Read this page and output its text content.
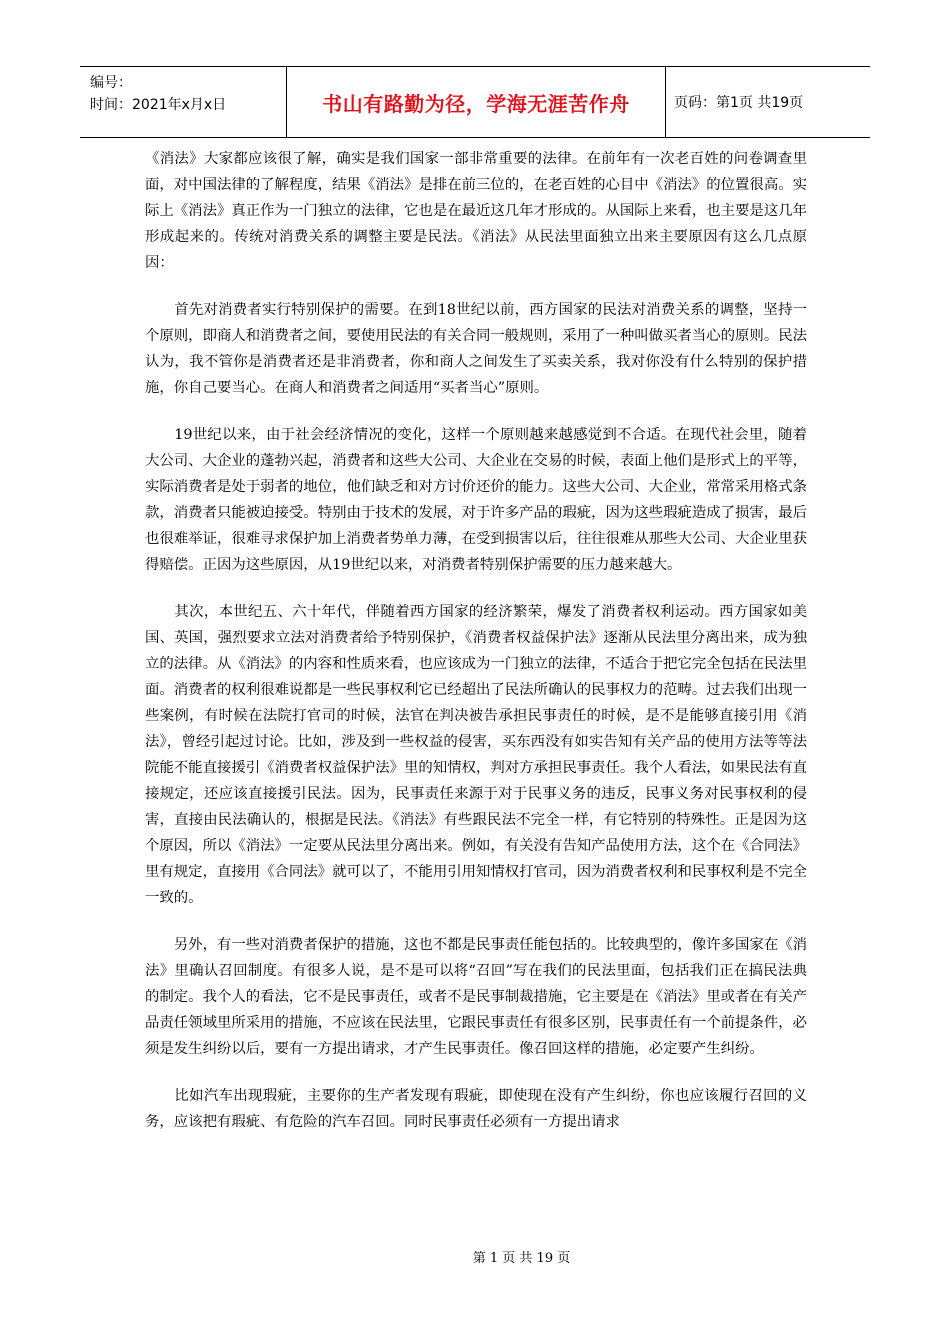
编号：
时间：2021年x月x日	书山有路勤为径，学海无涯苦作舟	页码：第1页 共19页

《消法》大家都应该很了解，确实是我们国家一部非常重要的法律。在前年有一次老百姓的问卷调查里面，对中国法律的了解程度，结果《消法》是排在前三位的，在老百姓的心目中《消法》的位置很高。实际上《消法》真正作为一门独立的法律，它也是在最近这几年才形成的。从国际上来看，也主要是这几年形成起来的。传统对消费关系的调整主要是民法。《消法》从民法里面独立出来主要原因有这么几点原因：

　　首先对消费者实行特别保护的需要。在到18世纪以前，西方国家的民法对消费关系的调整，坚持一个原则，即商人和消费者之间，要使用民法的有关合同一般规则，采用了一种叫做买者当心的原则。民法认为，我不管你是消费者还是非消费者，你和商人之间发生了买卖关系，我对你没有什么特别的保护措施，你自己要当心。在商人和消费者之间适用“买者当心”原则。

　　19世纪以来，由于社会经济情况的变化，这样一个原则越来越感觉到不合适。在现代社会里，随着大公司、大企业的蓬勃兴起，消费者和这些大公司、大企业在交易的时候，表面上他们是形式上的平等，实际消费者是处于弱者的地位，他们缺乏和对方讨价还价的能力。这些大公司、大企业，常常采用格式条款，消费者只能被迫接受。特别由于技术的发展，对于许多产品的瑕疵，因为这些瑕疵造成了损害，最后也很难举证，很难寻求保护加上消费者势单力薄，在受到损害以后，往往很难从那些大公司、大企业里获得赔偿。正因为这些原因，从19世纪以来，对消费者特别保护需要的压力越来越大。

　　其次，本世纪五、六十年代，伴随着西方国家的经济繁荣，爆发了消费者权利运动。西方国家如美国、英国，强烈要求立法对消费者给予特别保护，《消费者权益保护法》逐渐从民法里分离出来，成为独立的法律。从《消法》的内容和性质来看，也应该成为一门独立的法律，不适合于把它完全包括在民法里面。消费者的权利很难说都是一些民事权利它已经超出了民法所确认的民事权力的范畴。过去我们出现一些案例，有时候在法院打官司的时候，法官在判决被告承担民事责任的时候，是不是能够直接引用《消法》，曾经引起过讨论。比如，涉及到一些权益的侵害，买东西没有如实告知有关产品的使用方法等等法院能不能直接援引《消费者权益保护法》里的知情权，判对方承担民事责任。我个人看法，如果民法有直接规定，还应该直接援引民法。因为，民事责任来源于对于民事义务的违反，民事义务对民事权利的侵害，直接由民法确认的，根据是民法。《消法》有些跟民法不完全一样，有它特别的特殊性。正是因为这个原因，所以《消法》一定要从民法里分离出来。例如，有关没有告知产品使用方法，这个在《合同法》里有规定，直接用《合同法》就可以了，不能用引用知情权打官司，因为消费者权利和民事权利是不完全一致的。

　　另外，有一些对消费者保护的措施，这也不都是民事责任能包括的。比较典型的，像许多国家在《消法》里确认召回制度。有很多人说，是不是可以将“召回”写在我们的民法里面，包括我们正在搞民法典的制定。我个人的看法，它不是民事责任，或者不是民事制裁措施，它主要是在《消法》里或者在有关产品责任领域里所采用的措施，不应该在民法里，它跟民事责任有很多区别，民事责任有一个前提条件，必须是发生纠纷以后，要有一方提出请求，才产生民事责任。像召回这样的措施，必定要产生纠纷。

　　比如汽车出现瑕疵，主要你的生产者发现有瑕疵，即使现在没有产生纠纷，你也应该履行召回的义务，应该把有瑕疵、有危险的汽车召回。同时民事责任必须有一方提出请求

第 1 页 共 19 页
